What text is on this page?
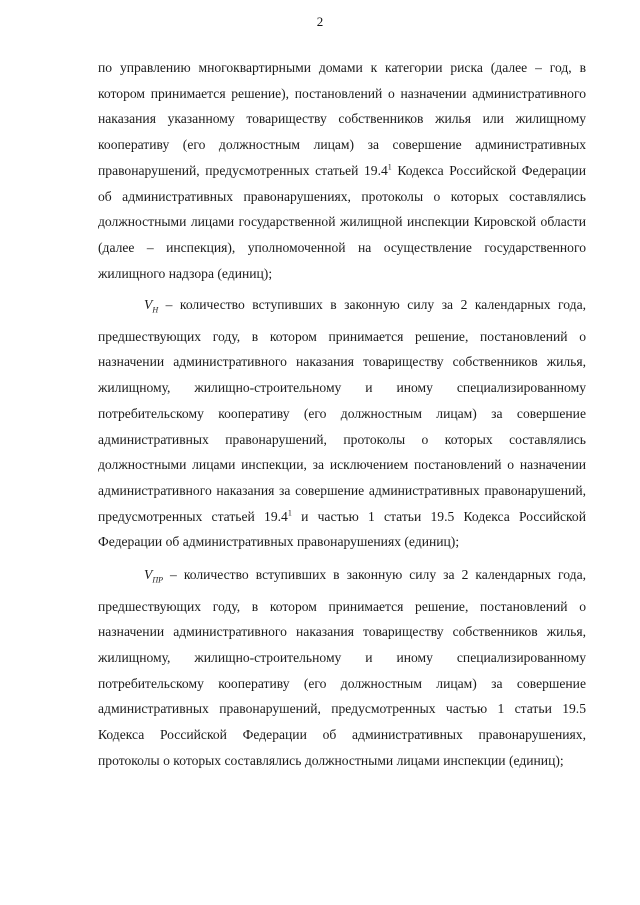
2

по управлению многоквартирными домами к категории риска (далее – год, в котором принимается решение), постановлений о назначении административного наказания указанному товариществу собственников жилья или жилищному кооперативу (его должностным лицам) за совершение административных правонарушений, предусмотренных статьей 19.4$^1$ Кодекса Российской Федерации об административных правонарушениях, протоколы о которых составлялись должностными лицами государственной жилищной инспекции Кировской области (далее – инспекция), уполномоченной на осуществление государственного жилищного надзора (единиц);

$V_Н$ – количество вступивших в законную силу за 2 календарных года, предшествующих году, в котором принимается решение, постановлений о назначении административного наказания товариществу собственников жилья, жилищному, жилищно-строительному и иному специализированному потребительскому кооперативу (его должностным лицам) за совершение административных правонарушений, протоколы о которых составлялись должностными лицами инспекции, за исключением постановлений о назначении административного наказания за совершение административных правонарушений, предусмотренных статьей 19.4$^1$ и частью 1 статьи 19.5 Кодекса Российской Федерации об административных правонарушениях (единиц);

$V_{ПР}$ – количество вступивших в законную силу за 2 календарных года, предшествующих году, в котором принимается решение, постановлений о назначении административного наказания товариществу собственников жилья, жилищному, жилищно-строительному и иному специализированному потребительскому кооперативу (его должностным лицам) за совершение административных правонарушений, предусмотренных частью 1 статьи 19.5 Кодекса Российской Федерации об административных правонарушениях, протоколы о которых составлялись должностными лицами инспекции (единиц);
